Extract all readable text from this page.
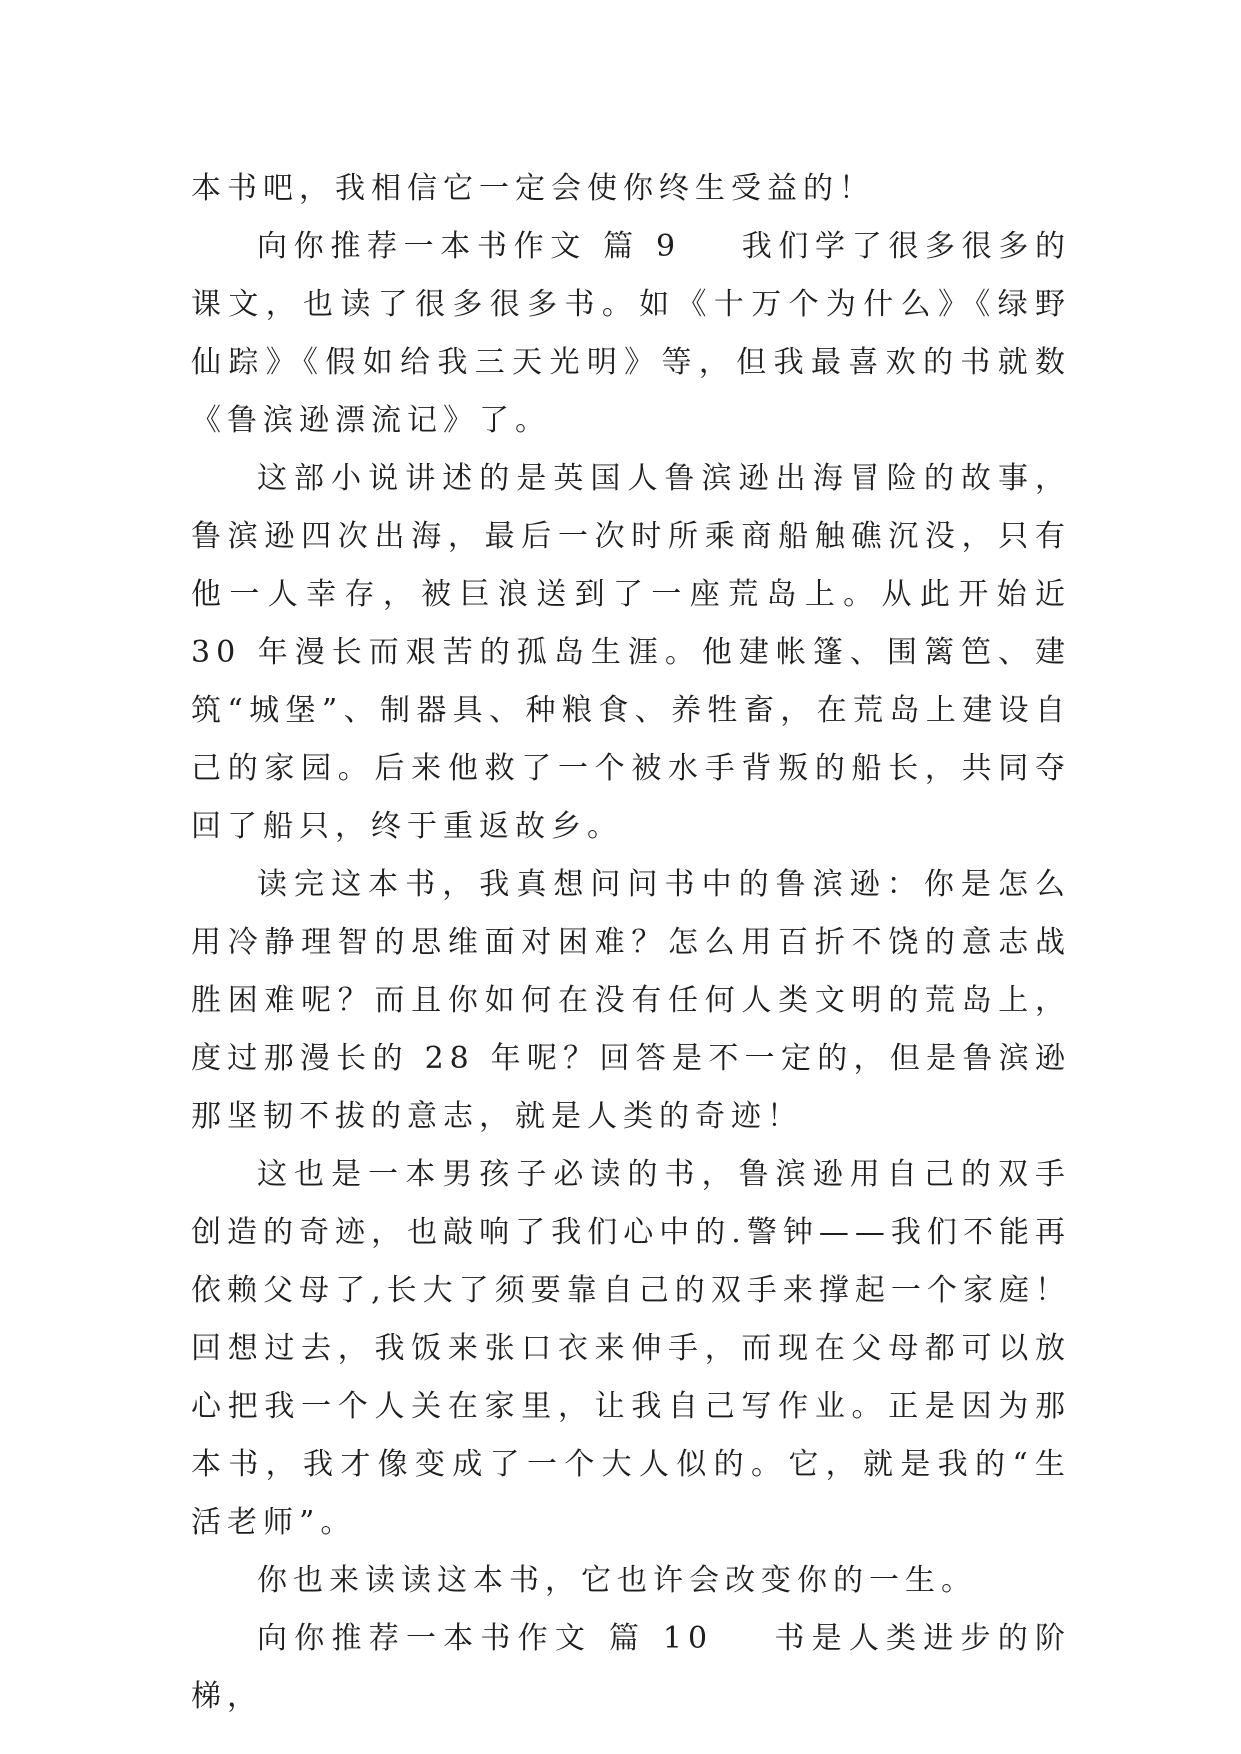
本书吧，我相信它一定会使你终生受益的！

向你推荐一本书作文 篇 9 我们学了很多很多的课文，也读了很多很多书。如《十万个为什么》《绿野仙踪》《假如给我三天光明》等，但我最喜欢的书就数《鲁滨逊漂流记》了。

这部小说讲述的是英国人鲁滨逊出海冒险的故事，鲁滨逊四次出海，最后一次时所乘商船触礁沉没，只有他一人幸存，被巨浪送到了一座荒岛上。从此开始近 30 年漫长而艰苦的孤岛生涯。他建帐篷、围篱笆、建筑“城堡”、制器具、种粮食、养牲畜，在荒岛上建设自己的家园。后来他救了一个被水手背叛的船长，共同夺回了船只，终于重返故乡。

读完这本书，我真想问问书中的鲁滨逊：你是怎么用冷静理智的思维面对困难？怎么用百折不饶的意志战胜困难呢？而且你如何在没有任何人类文明的荒岛上，度过那漫长的 28 年呢？回答是不一定的，但是鲁滨逊那坚韧不拔的意志，就是人类的奇迹！

这也是一本男孩子必读的书，鲁滨逊用自己的双手创造的奇迹，也敲响了我们心中的.警钟——我们不能再依赖父母了,长大了须要靠自己的双手来撑起一个家庭！回想过去，我饭来张口衣来伸手，而现在父母都可以放心把我一个人关在家里，让我自己写作业。正是因为那本书，我才像变成了一个大人似的。它，就是我的“生活老师”。

你也来读读这本书，它也许会改变你的一生。

向你推荐一本书作文 篇 10 书是人类进步的阶梯，
